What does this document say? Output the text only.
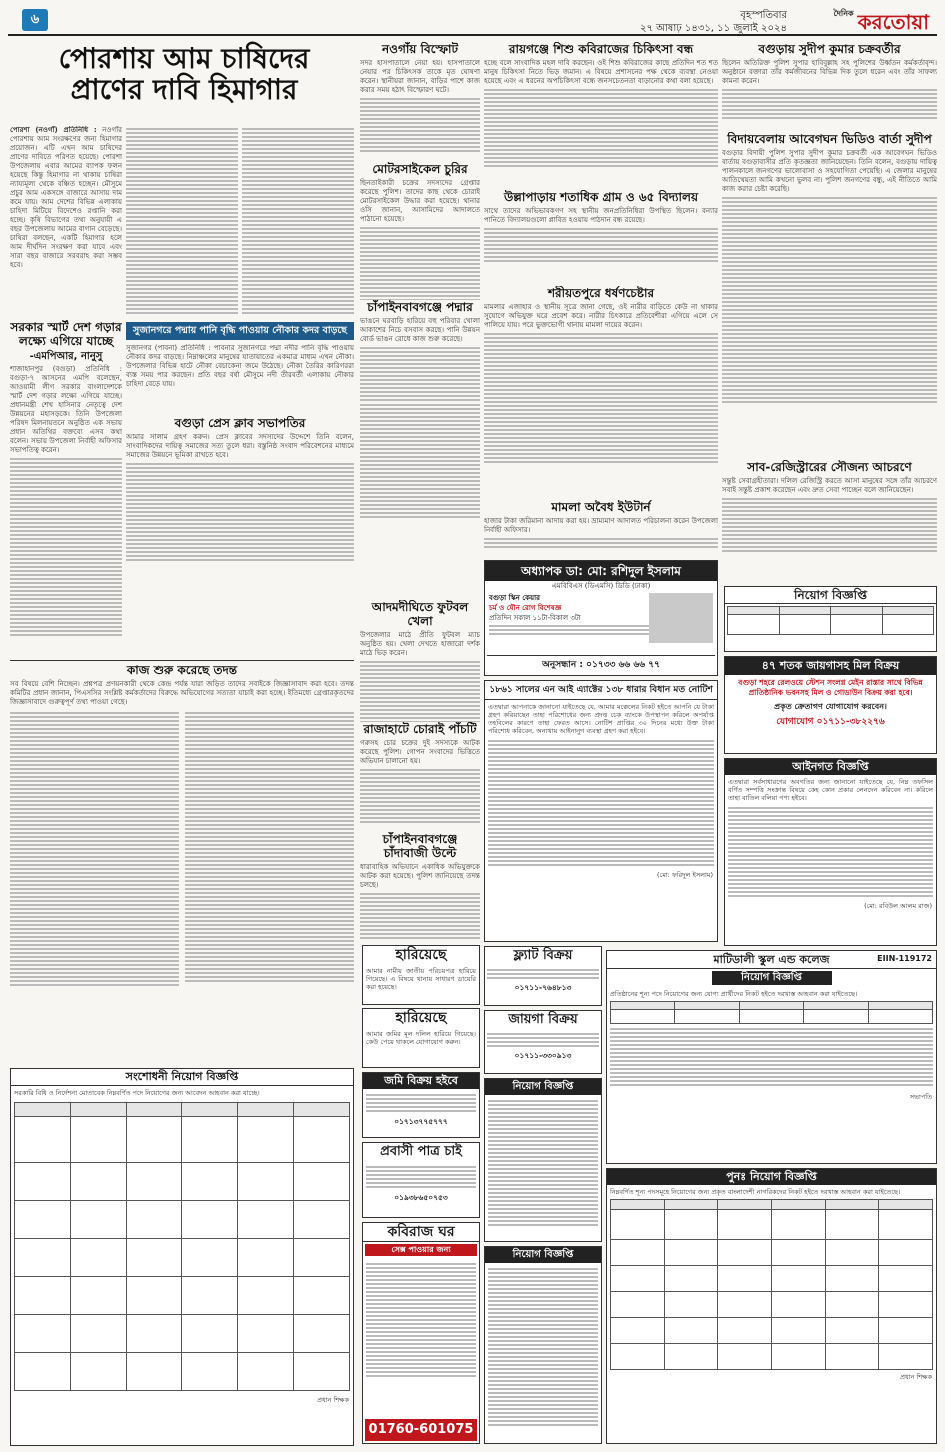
৬	বৃহস্পতিবার
২৭ আষাঢ় ১৪৩১, ১১ জুলাই ২০২৪
$^{দৈনিক}$ করতোয়া
পোরশায় আম চাষিদের
প্রাণের দাবি হিমাগার

পোরশা (নওগাঁ) প্রতিনিধি : নওগাঁর পোরশায় আম সংরক্ষণের জন্য হিমাগার প্রয়োজন। এটি এখন আম চাষিদের প্রাণের দাবিতে পরিণত হয়েছে। পোরশা উপজেলায় এবার আমের ব্যাপক ফলন হয়েছে কিন্তু হিমাগার না থাকায় চাষিরা ন্যায্যমূল্য থেকে বঞ্চিত হচ্ছেন। মৌসুমে প্রচুর আম একসঙ্গে বাজারে আসায় দাম কমে যায়। আম দেশের বিভিন্ন এলাকায় চাহিদা মিটিয়ে বিদেশেও রপ্তানি করা হচ্ছে। কৃষি বিভাগের তথ্য অনুযায়ী এ বছর উপজেলায় আমের বাগান বেড়েছে। চাষিরা বলছেন, একটি হিমাগার হলে আম দীর্ঘদিন সংরক্ষণ করা যাবে এবং সারা বছর বাজারে সরবরাহ করা সম্ভব হবে।

সরকার স্মার্ট দেশ গড়ার লক্ষ্যে এগিয়ে যাচ্ছে
-এমপিআর, নানুসু

শাজাহানপুর (বগুড়া) প্রতিনিধি : বগুড়া-৭ আসনের এমপি বলেছেন, আওয়ামী লীগ সরকার বাংলাদেশকে স্মার্ট দেশ গড়ার লক্ষ্যে এগিয়ে যাচ্ছে। প্রধানমন্ত্রী শেখ হাসিনার নেতৃত্বে দেশ উন্নয়নের মহাসড়কে। তিনি উপজেলা পরিষদ মিলনায়তনে অনুষ্ঠিত এক সভায় প্রধান অতিথির বক্তব্যে এসব কথা বলেন। সভায় উপজেলা নির্বাহী অফিসার সভাপতিত্ব করেন।

সুজানগরে পদ্মায় পানি বৃদ্ধি পাওয়ায় নৌকার কদর বাড়ছে

সুজানগর (পাবনা) প্রতিনিধি : পাবনার সুজানগরে পদ্মা নদীর পানি বৃদ্ধি পাওয়ায় নৌকার কদর বাড়ছে। নিম্নাঞ্চলের মানুষের যাতায়াতের একমাত্র মাধ্যম এখন নৌকা। উপজেলার বিভিন্ন হাটে নৌকা বেচাকেনা জমে উঠেছে। নৌকা তৈরির কারিগররা ব্যস্ত সময় পার করছেন। প্রতি বছর বর্ষা মৌসুমে নদী তীরবর্তী এলাকায় নৌকার চাহিদা বেড়ে যায়।

বগুড়া প্রেস ক্লাব সভাপতির

আমার সালাম গ্রহণ করুন। প্রেস ক্লাবের সদস্যদের উদ্দেশে তিনি বলেন, সাংবাদিকদের দায়িত্ব সমাজের সত্য তুলে ধরা। বস্তুনিষ্ঠ সংবাদ পরিবেশনের মাধ্যমে সমাজের উন্নয়নে ভূমিকা রাখতে হবে।

কাজ শুরু করেছে তদন্ত

সব বিষয়ে বেশি নিচ্ছেন। প্রশ্নপত্র প্রণয়নকারী থেকে কেন্দ্র পর্যন্ত যারা জড়িত তাদের সবাইকে জিজ্ঞাসাবাদ করা হবে। তদন্ত কমিটির প্রধান জানান, পিএসসির সংশ্লিষ্ট কর্মকর্তাদের বিরুদ্ধে অভিযোগের সত্যতা যাচাই করা হচ্ছে। ইতিমধ্যে গ্রেপ্তারকৃতদের জিজ্ঞাসাবাদে গুরুত্বপূর্ণ তথ্য পাওয়া গেছে।

সংশোধনী নিয়োগ বিজ্ঞপ্তি
সরকারি বিধি ও নির্দেশনা মোতাবেক নিম্নবর্ণিত পদে নিয়োগের জন্য আবেদন আহবান করা যাচ্ছে।

প্রধান শিক্ষক
নওগাঁয় বিস্ফোট

সদর হাসপাতালে নেয়া হয়। হাসপাতালে নেয়ার পর চিকিৎসক তাকে মৃত ঘোষণা করেন। স্থানীয়রা জানান, বাড়ির পাশে কাজ করার সময় হঠাৎ বিস্ফোরণ ঘটে।

মোটরসাইকেল চুরির

ছিনতাইকারী চক্রের সদস্যদের গ্রেপ্তার করেছে পুলিশ। তাদের কাছ থেকে চোরাই মোটরসাইকেল উদ্ধার করা হয়েছে। থানার ওসি জানান, আসামিদের আদালতে পাঠানো হয়েছে।

চাঁপাইনবাবগঞ্জে পদ্মার

ভাঙনে ঘরবাড়ি হারিয়ে বহু পরিবার খোলা আকাশের নিচে বসবাস করছে। পানি উন্নয়ন বোর্ড ভাঙন রোধে কাজ শুরু করেছে।

আদমদীঘিতে ফুটবল খেলা

উপজেলার মাঠে প্রীতি ফুটবল ম্যাচ অনুষ্ঠিত হয়। খেলা দেখতে হাজারো দর্শক মাঠে ভিড় করেন।

রাজাহাটে চোরাই পাঁচটি

গরুসহ চোর চক্রের দুই সদস্যকে আটক করেছে পুলিশ। গোপন সংবাদের ভিত্তিতে অভিযান চালানো হয়।

চাঁপাইনবাবগঞ্জে চাঁদাবাজী উল্টে

ধারাবাহিক অভিযানে একাধিক অভিযুক্তকে আটক করা হয়েছে। পুলিশ জানিয়েছে তদন্ত চলছে।

হারিয়েছে
আমার নামীয় জাতীয় পরিচয়পত্র হারিয়ে গিয়েছে। এ বিষয়ে থানায় সাধারণ ডায়েরি করা হয়েছে।
হারিয়েছে
আমার জমির মূল দলিল হারিয়ে গিয়েছে। কেউ পেয়ে থাকলে যোগাযোগ করুন।
জমি বিক্রয় হইবে
০১৭১৩৭৭৫৭৭৭
প্রবাসী পাত্র চাই
০১৯৩৮৬৫০৭৫৩
কবিরাজ ঘর
সেক্স পাওয়ার জন্য
01760-601075
রায়গঞ্জে শিশু কবিরাজের চিকিৎসা বন্ধ

হচ্ছে বলে সাংবাদিক মহল দাবি করছেন। ওই শিশু কবিরাজের কাছে প্রতিদিন শত শত মানুষ চিকিৎসা নিতে ভিড় জমান। এ বিষয়ে প্রশাসনের পক্ষ থেকে ব্যবস্থা নেওয়া হয়েছে এবং এ ধরনের অপচিকিৎসা বন্ধে জনসচেতনতা বাড়ানোর কথা বলা হয়েছে।

উল্লাপাড়ায় শতাধিক গ্রাম ও ৬৫ বিদ্যালয়

সাথে তাদের অভিভাবকগণ সহ স্থানীয় জনপ্রতিনিধিরা উপস্থিত ছিলেন। বন্যার পানিতে বিদ্যালয়গুলো প্লাবিত হওয়ায় পাঠদান বন্ধ রয়েছে।

শরীয়তপুরে ধর্ষণচেষ্টার

মামলার এজাহার ও স্থানীয় সূত্রে জানা গেছে, ওই নারীর বাড়িতে কেউ না থাকার সুযোগে অভিযুক্ত ঘরে প্রবেশ করে। নারীর চিৎকারে প্রতিবেশীরা এগিয়ে এলে সে পালিয়ে যায়। পরে ভুক্তভোগী থানায় মামলা দায়ের করেন।

মামলা অবৈধ ইউটার্ন

হাজার টাকা জরিমানা আদায় করা হয়। ভ্রাম্যমাণ আদালত পরিচালনা করেন উপজেলা নির্বাহী অফিসার।

অধ্যাপক ডা: মো: রশিদুল ইসলাম
এমবিবিএস (ডিএমসি) ডিডি (ঢাকা)
বগুড়া স্কিন কেয়ার
চর্ম ও যৌন রোগ বিশেষজ্ঞ
প্রতিদিন সকাল ১১টা-বিকাল ৩টা
অনুসন্ধান : ০১৭৩৩ ৬৬ ৬৬ ৭৭
১৮৬১ সালের এন আই এ্যাক্টের ১৩৮ ধারার বিধান মত নোটিশ
এতদ্বারা আপনাকে জানানো যাইতেছে যে, আমার মক্কেলের নিকট হইতে আপনি যে টাকা গ্রহণ করিয়াছেন তাহা পরিশোধের জন্য প্রদত্ত চেক ব্যাংকে উপস্থাপন করিলে অপর্যাপ্ত তহবিলের কারণে তাহা ফেরত আসে। নোটিশ প্রাপ্তির ৩০ দিনের মধ্যে উক্ত টাকা পরিশোধ করিবেন, অন্যথায় আইনানুগ ব্যবস্থা গ্রহণ করা হইবে।
(মো: ফরিদুল ইসলাম)
ফ্ল্যাট বিক্রয়
০১৭১১-৭৬৪৮১৩
জায়গা বিক্রয়
০১৭১১-৩৩০৯১৩
নিয়োগ বিজ্ঞপ্তি
নিয়োগ বিজ্ঞপ্তি
বগুড়ায় সুদীপ কুমার চক্রবর্তীর

ছিলেন অতিরিক্ত পুলিশ সুপার হাবিবুল্লাহ সহ পুলিশের উর্ধ্বতন কর্মকর্তাবৃন্দ। অনুষ্ঠানে বক্তারা তাঁর কর্মজীবনের বিভিন্ন দিক তুলে ধরেন এবং তাঁর সাফল্য কামনা করেন।

বিদায়বেলায় আবেগঘন ভিডিও বার্তা সুদীপ

বগুড়ার বিদায়ী পুলিশ সুপার সুদীপ কুমার চক্রবর্তী এক আবেগঘন ভিডিও বার্তায় বগুড়াবাসীর প্রতি কৃতজ্ঞতা জানিয়েছেন। তিনি বলেন, বগুড়ায় দায়িত্ব পালনকালে জনগণের ভালোবাসা ও সহযোগিতা পেয়েছি। এ জেলার মানুষের আতিথেয়তা আমি কখনো ভুলব না। পুলিশ জনগণের বন্ধু, এই নীতিতে আমি কাজ করার চেষ্টা করেছি।

সাব-রেজিস্ট্রারের সৌজন্য আচরণে

সন্তুষ্ট সেবাগ্রহীতারা। দলিল রেজিস্ট্রি করতে আসা মানুষের সঙ্গে তাঁর আচরণে সবাই সন্তুষ্ট প্রকাশ করেছেন এবং দ্রুত সেবা পাচ্ছেন বলে জানিয়েছেন।

নিয়োগ বিজ্ঞপ্তি

৪৭ শতক জায়গাসহ মিল বিক্রয়
বগুড়া শহরে রেলওয়ে স্টেশন সংলগ্ন মেইন রাস্তার সাথে বিভিন্ন প্রাতিষ্ঠানিক ভবনসহ মিল ও গোডাউন বিক্রয় করা হবে।
প্রকৃত ক্রেতাগণ যোগাযোগ করবেন।
যোগাযোগ ০১৭১১-৩৮২২৭৬
আইনগত বিজ্ঞপ্তি
এতদ্বারা সর্বসাধারণের অবগতির জন্য জানানো যাইতেছে যে, নিম্ন তফসিল বর্ণিত সম্পত্তি সংক্রান্ত বিষয়ে কেহ কোন প্রকার লেনদেন করিবেন না। করিলে তাহা বাতিল বলিয়া গণ্য হইবে।
(মো: রবিউল আলম রাজ)
মাটিডালী স্কুল এন্ড কলেজ	EIIN-119172
নিয়োগ বিজ্ঞপ্তি
প্রতিষ্ঠানের শূন্য পদে নিয়োগের জন্য যোগ্য প্রার্থীদের নিকট হইতে দরখাস্ত আহবান করা যাইতেছে।

সভাপতি
পুনঃ নিয়োগ বিজ্ঞপ্তি
নিম্নবর্ণিত শূন্য পদসমূহে নিয়োগের জন্য প্রকৃত বাংলাদেশী নাগরিকদের নিকট হইতে দরখাস্ত আহবান করা যাইতেছে।

প্রধান শিক্ষক
